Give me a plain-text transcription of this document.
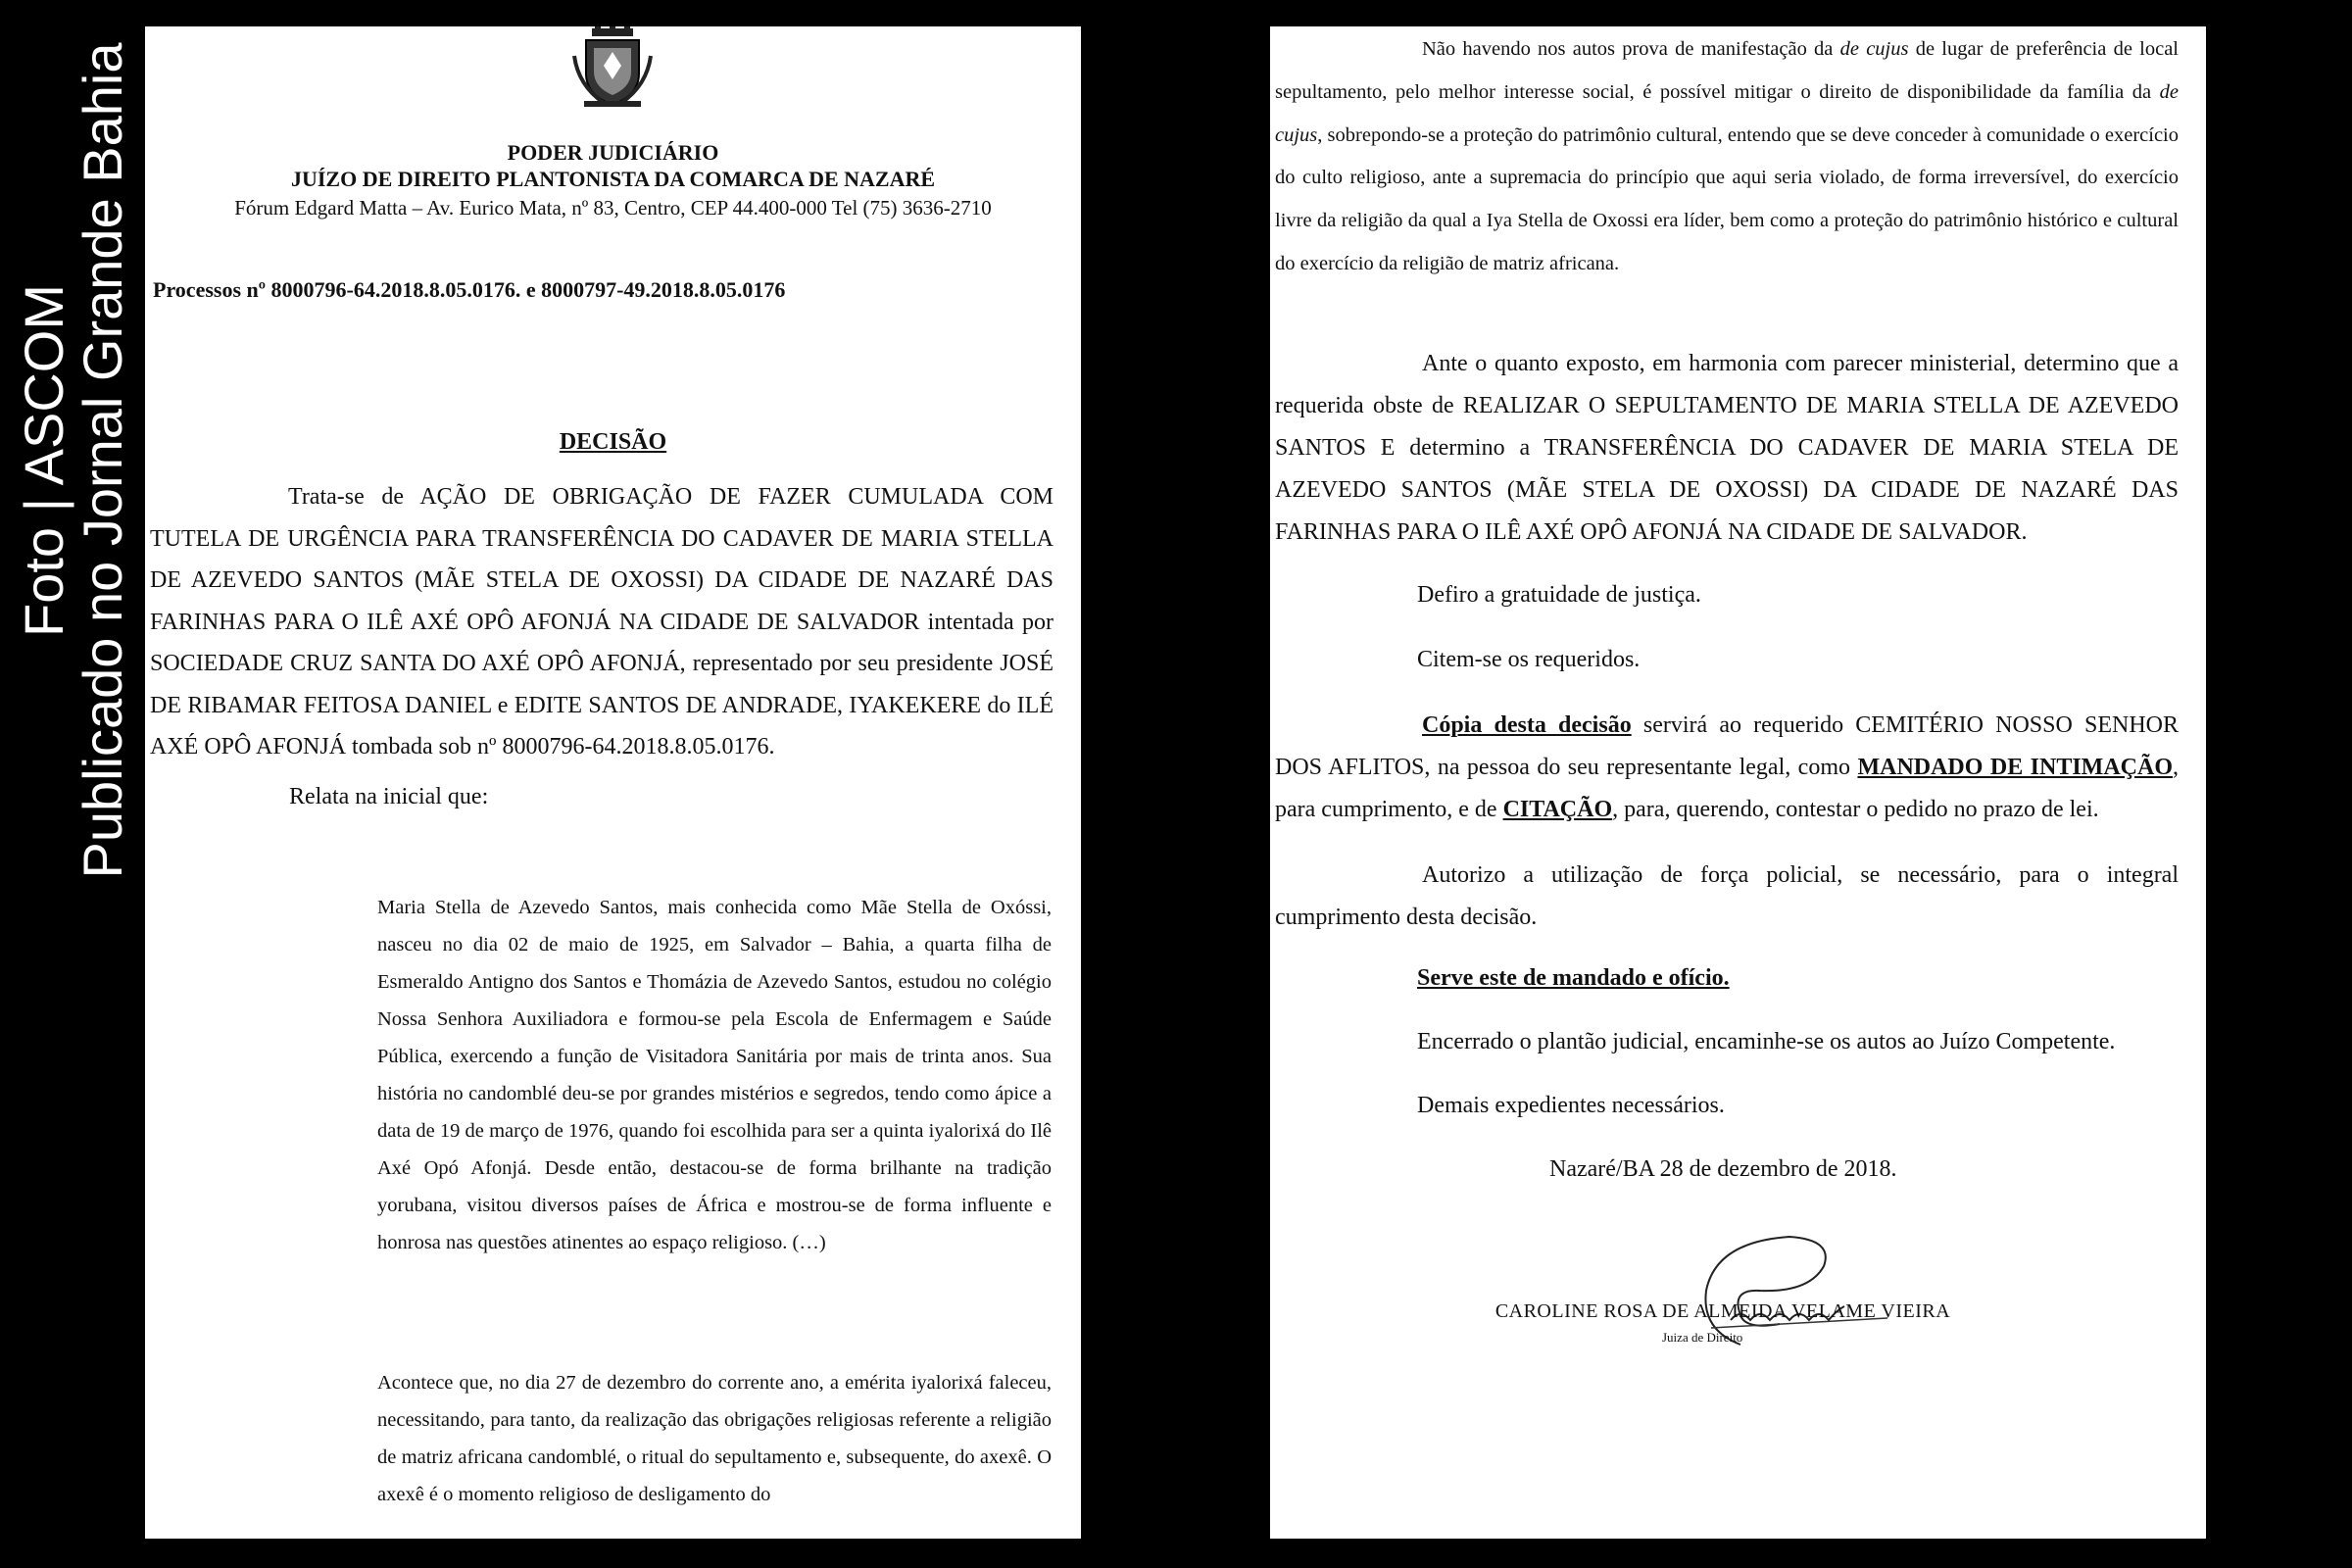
Foto | ASCOM
Publicado no Jornal Grande Bahia	PODER JUDICIÁRIO
JUÍZO DE DIREITO PLANTONISTA DA COMARCA DE NAZARÉ
Fórum Edgard Matta – Av. Eurico Mata, nº 83, Centro, CEP 44.400-000 Tel (75) 3636-2710
Processos nº 8000796-64.2018.8.05.0176. e 8000797-49.2018.8.05.0176
DECISÃO
Trata-se de AÇÃO DE OBRIGAÇÃO DE FAZER CUMULADA COM TUTELA DE URGÊNCIA PARA TRANSFERÊNCIA DO CADAVER DE MARIA STELLA DE AZEVEDO SANTOS (MÃE STELA DE OXOSSI) DA CIDADE DE NAZARÉ DAS FARINHAS PARA O ILÊ AXÉ OPÔ AFONJÁ NA CIDADE DE SALVADOR intentada por SOCIEDADE CRUZ SANTA DO AXÉ OPÔ AFONJÁ, representado por seu presidente JOSÉ DE RIBAMAR FEITOSA DANIEL e EDITE SANTOS DE ANDRADE, IYAKEKERE do ILÉ AXÉ OPÔ AFONJÁ tombada sob nº 8000796-64.2018.8.05.0176.
Relata na inicial que:
Maria Stella de Azevedo Santos, mais conhecida como Mãe Stella de Oxóssi, nasceu no dia 02 de maio de 1925, em Salvador – Bahia, a quarta filha de Esmeraldo Antigno dos Santos e Thomázia de Azevedo Santos, estudou no colégio Nossa Senhora Auxiliadora e formou-se pela Escola de Enfermagem e Saúde Pública, exercendo a função de Visitadora Sanitária por mais de trinta anos. Sua história no candomblé deu-se por grandes mistérios e segredos, tendo como ápice a data de 19 de março de 1976, quando foi escolhida para ser a quinta iyalorixá do Ilê Axé Opó Afonjá. Desde então, destacou-se de forma brilhante na tradição yorubana, visitou diversos países de África e mostrou-se de forma influente e honrosa nas questões atinentes ao espaço religioso. (…)
Acontece que, no dia 27 de dezembro do corrente ano, a emérita iyalorixá faleceu, necessitando, para tanto, da realização das obrigações religiosas referente a religião de matriz africana candomblé, o ritual do sepultamento e, subsequente, do axexê. O axexê é o momento religioso de desligamento do
Não havendo nos autos prova de manifestação da de cujus de lugar de preferência de local sepultamento, pelo melhor interesse social, é possível mitigar o direito de disponibilidade da família da de cujus, sobrepondo-se a proteção do patrimônio cultural, entendo que se deve conceder à comunidade o exercício do culto religioso, ante a supremacia do princípio que aqui seria violado, de forma irreversível, do exercício livre da religião da qual a Iya Stella de Oxossi era líder, bem como a proteção do patrimônio histórico e cultural do exercício da religião de matriz africana.
Ante o quanto exposto, em harmonia com parecer ministerial, determino que a requerida obste de REALIZAR O SEPULTAMENTO DE MARIA STELLA DE AZEVEDO SANTOS E determino a TRANSFERÊNCIA DO CADAVER DE MARIA STELA DE AZEVEDO SANTOS (MÃE STELA DE OXOSSI) DA CIDADE DE NAZARÉ DAS FARINHAS PARA O ILÊ AXÉ OPÔ AFONJÁ NA CIDADE DE SALVADOR.
Defiro a gratuidade de justiça.
Citem-se os requeridos.
Cópia desta decisão servirá ao requerido CEMITÉRIO NOSSO SENHOR DOS AFLITOS, na pessoa do seu representante legal, como MANDADO DE INTIMAÇÃO, para cumprimento, e de CITAÇÃO, para, querendo, contestar o pedido no prazo de lei.
Autorizo a utilização de força policial, se necessário, para o integral cumprimento desta decisão.
Serve este de mandado e ofício.
Encerrado o plantão judicial, encaminhe-se os autos ao Juízo Competente.
Demais expedientes necessários.
Nazaré/BA 28 de dezembro de 2018.
CAROLINE ROSA DE ALMEIDA VELAME VIEIRA
Juiza de Direito
